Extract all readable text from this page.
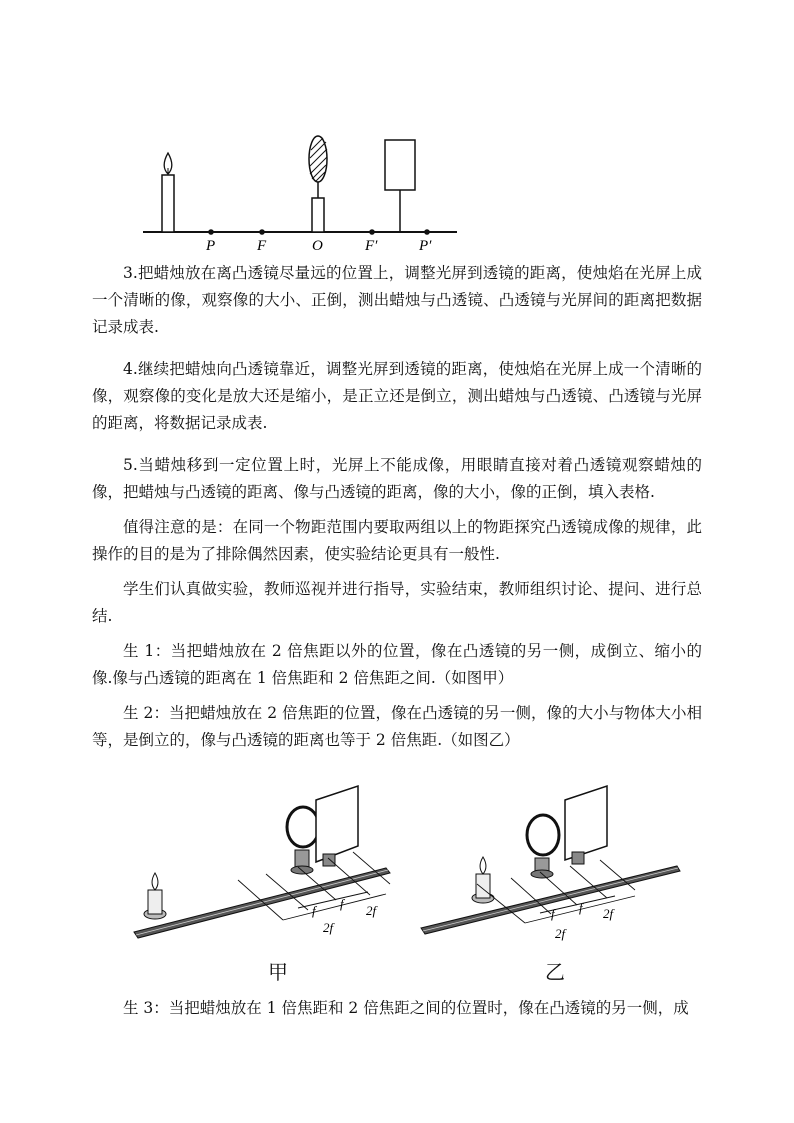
P	F	O	F′	P′

3.把蜡烛放在离凸透镜尽量远的位置上，调整光屏到透镜的距离，使烛焰在光屏上成一个清晰的像，观察像的大小、正倒，测出蜡烛与凸透镜、凸透镜与光屏间的距离把数据记录成表.

4.继续把蜡烛向凸透镜靠近，调整光屏到透镜的距离，使烛焰在光屏上成一个清晰的像，观察像的变化是放大还是缩小，是正立还是倒立，测出蜡烛与凸透镜、凸透镜与光屏的距离，将数据记录成表.

5.当蜡烛移到一定位置上时，光屏上不能成像，用眼睛直接对着凸透镜观察蜡烛的像，把蜡烛与凸透镜的距离、像与凸透镜的距离，像的大小，像的正倒，填入表格.

值得注意的是：在同一个物距范围内要取两组以上的物距探究凸透镜成像的规律，此操作的目的是为了排除偶然因素，使实验结论更具有一般性.

学生们认真做实验，教师巡视并进行指导，实验结束，教师组织讨论、提问、进行总结.

生 1：当把蜡烛放在 2 倍焦距以外的位置，像在凸透镜的另一侧，成倒立、缩小的像.像与凸透镜的距离在 1 倍焦距和 2 倍焦距之间.（如图甲）

生 2：当把蜡烛放在 2 倍焦距的位置，像在凸透镜的另一侧，像的大小与物体大小相等，是倒立的，像与凸透镜的距离也等于 2 倍焦距.（如图乙）

f f 2f
2f
f f 2f
2f
甲	乙

生 3：当把蜡烛放在 1 倍焦距和 2 倍焦距之间的位置时，像在凸透镜的另一侧，成
